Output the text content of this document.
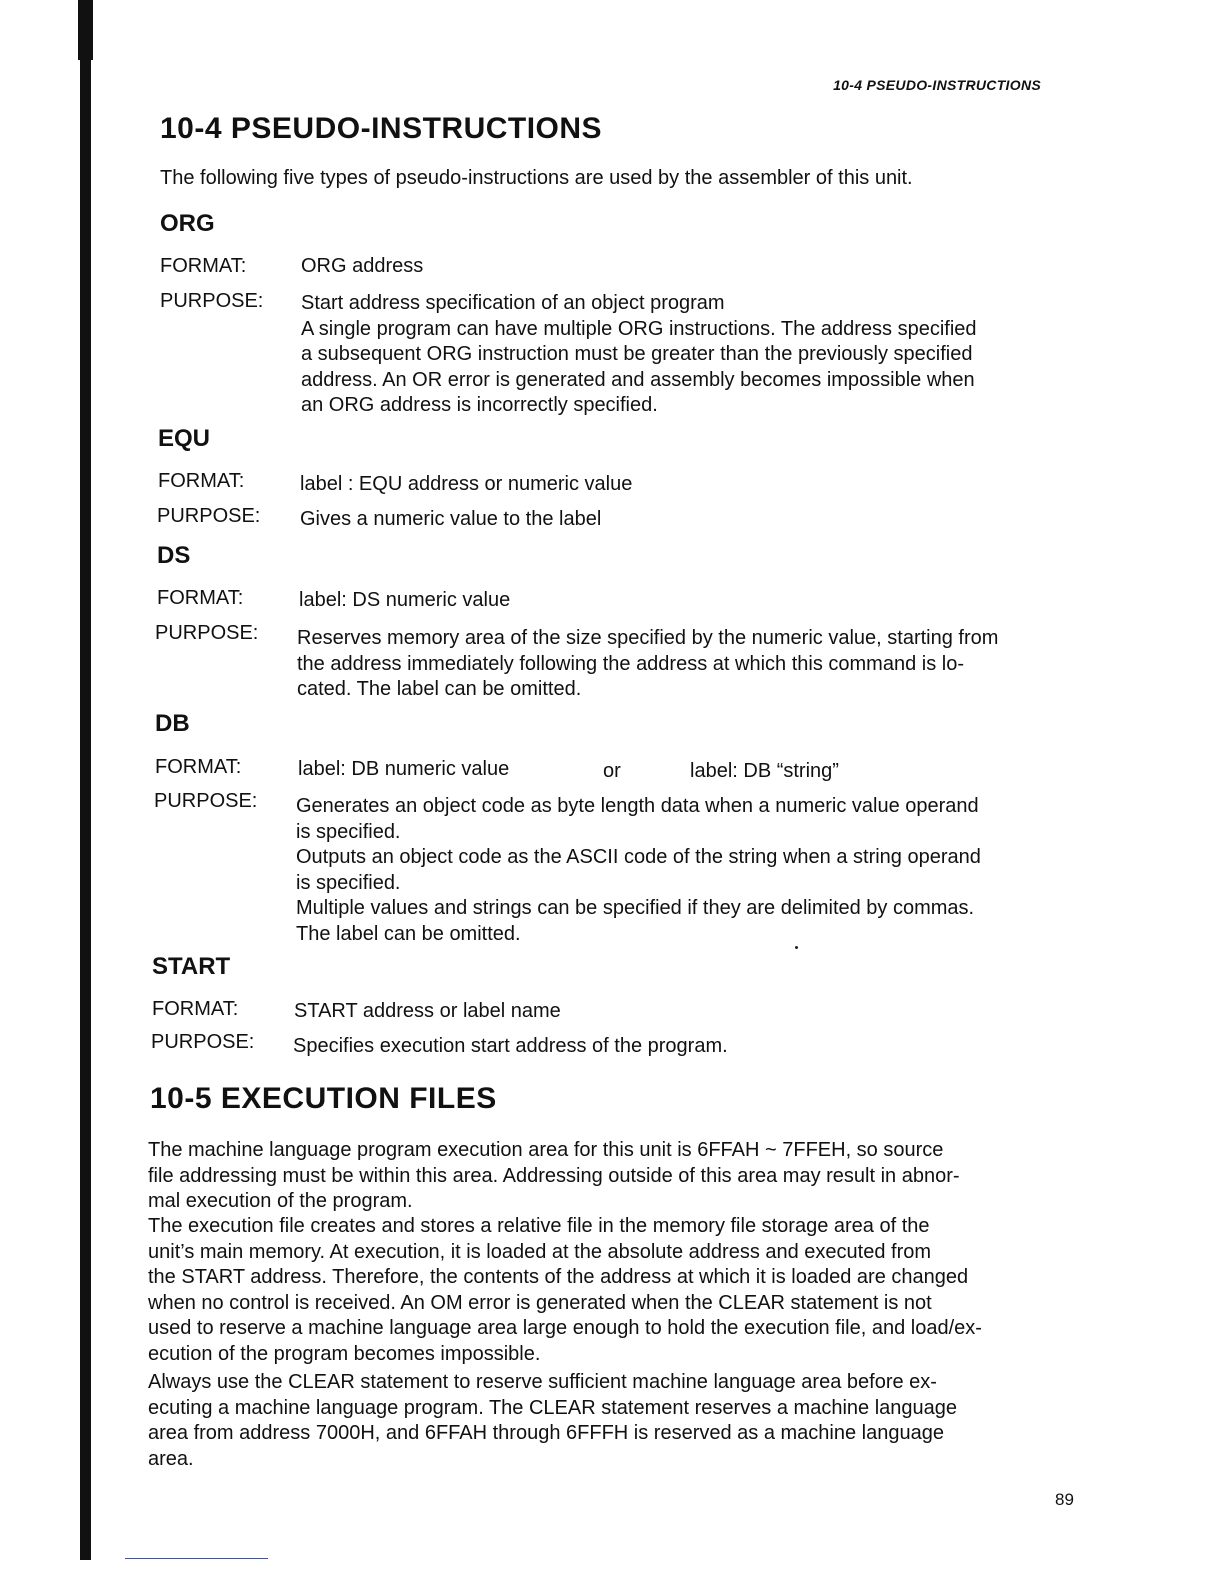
10-4 PSEUDO-INSTRUCTIONS
10-4 PSEUDO-INSTRUCTIONS
The following five types of pseudo-instructions are used by the assembler of this unit.
ORG
FORMAT:	ORG address
PURPOSE: Start address specification of an object program
A single program can have multiple ORG instructions. The address specified
a subsequent ORG instruction must be greater than the previously specified
address. An OR error is generated and assembly becomes impossible when
an ORG address is incorrectly specified.
EQU
FORMAT:	label : EQU address or numeric value
PURPOSE: Gives a numeric value to the label
DS
FORMAT:	label: DS numeric value
PURPOSE: Reserves memory area of the size specified by the numeric value, starting from
the address immediately following the address at which this command is lo-
cated. The label can be omitted.
DB
FORMAT:	label: DB numeric value	or	label: DB “string”
PURPOSE: Generates an object code as byte length data when a numeric value operand
is specified.
Outputs an object code as the ASCII code of the string when a string operand
is specified.
Multiple values and strings can be specified if they are delimited by commas.
The label can be omitted.
START
FORMAT:	START address or label name
PURPOSE: Specifies execution start address of the program.
10-5 EXECUTION FILES
The machine language program execution area for this unit is 6FFAH ~ 7FFEH, so source
file addressing must be within this area. Addressing outside of this area may result in abnor-
mal execution of the program.
The execution file creates and stores a relative file in the memory file storage area of the
unit’s main memory. At execution, it is loaded at the absolute address and executed from
the START address. Therefore, the contents of the address at which it is loaded are changed
when no control is received. An OM error is generated when the CLEAR statement is not
used to reserve a machine language area large enough to hold the execution file, and load/ex-
ecution of the program becomes impossible.
Always use the CLEAR statement to reserve sufficient machine language area before ex-
ecuting a machine language program. The CLEAR statement reserves a machine language
area from address 7000H, and 6FFAH through 6FFFH is reserved as a machine language
area.
89
